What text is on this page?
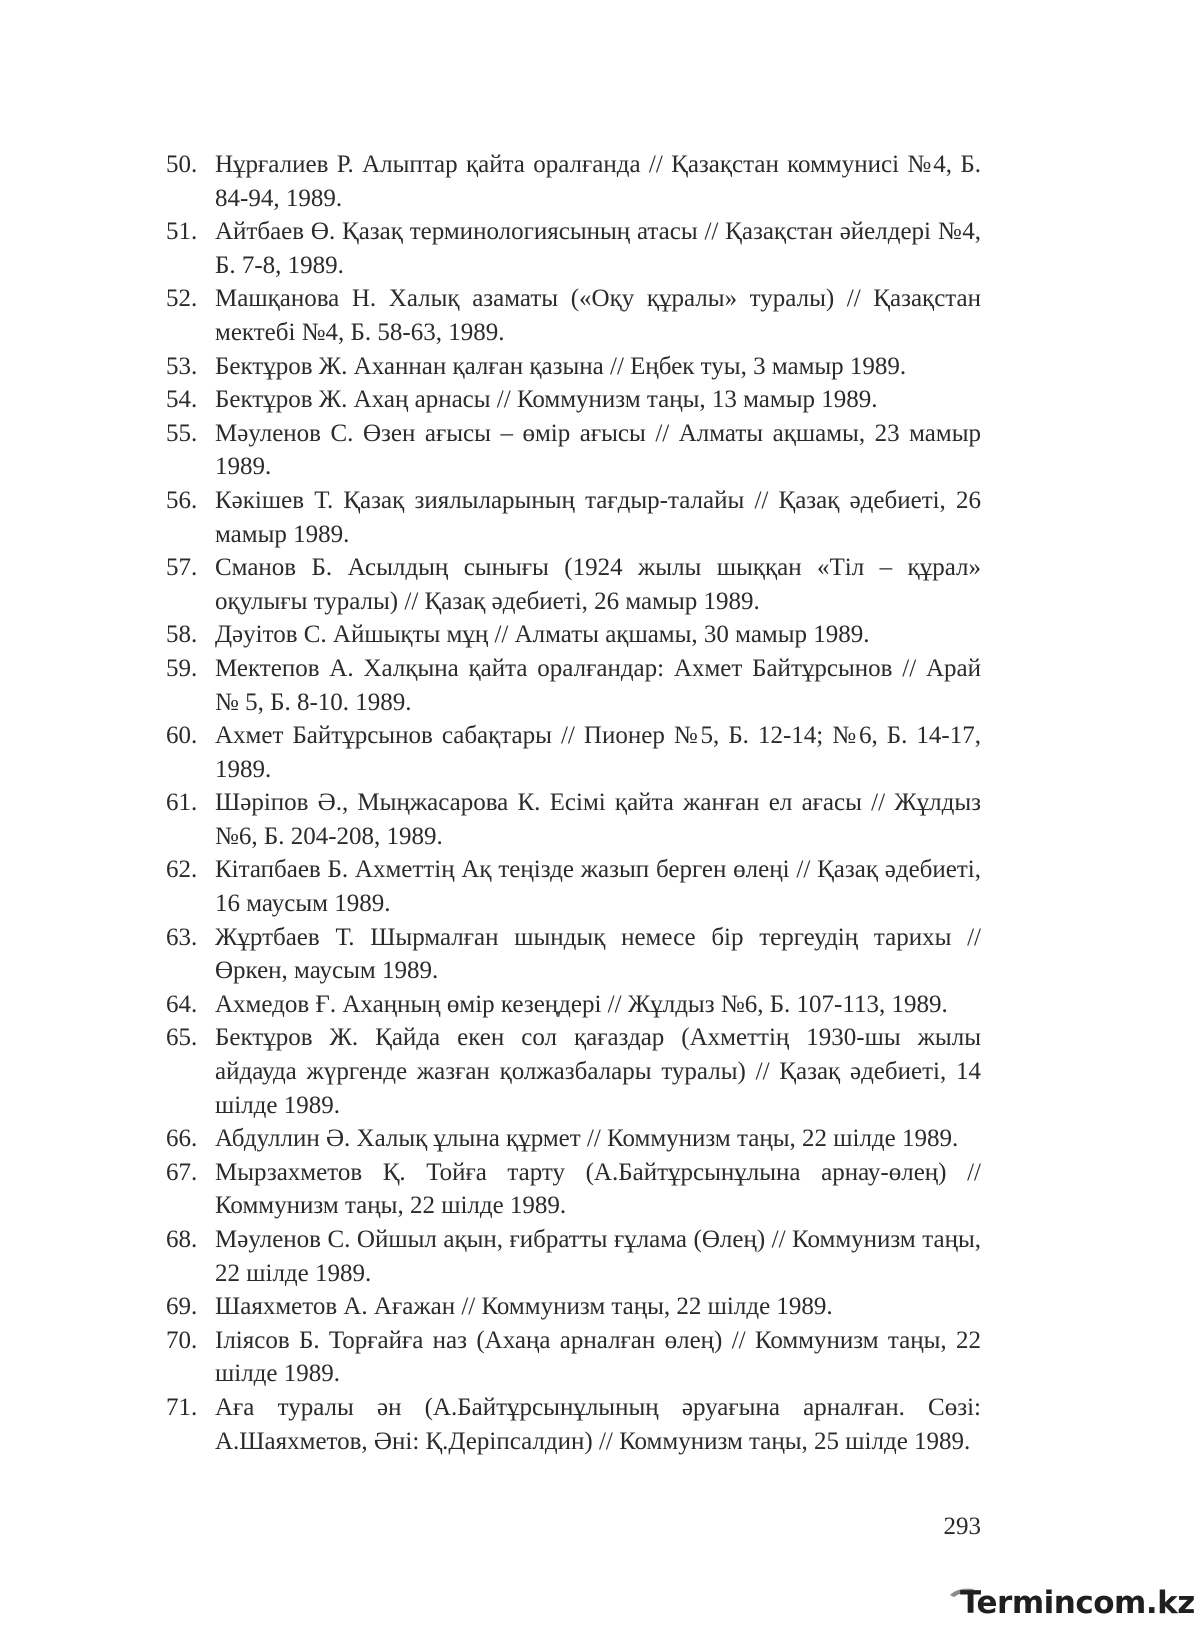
50. Нұрғалиев Р. Алыптар қайта оралғанда // Қазақстан коммунисі №4, Б. 84-94, 1989.
51. Айтбаев Ө. Қазақ терминологиясының атасы // Қазақстан әйелдері №4, Б. 7-8, 1989.
52. Машқанова Н. Халық азаматы («Оқу құралы» туралы) // Қазақстан мектебі №4, Б. 58-63, 1989.
53. Бектұров Ж. Аханнан қалған қазына // Еңбек туы, 3 мамыр 1989.
54. Бектұров Ж. Ахаң арнасы // Коммунизм таңы, 13 мамыр 1989.
55. Мәуленов С. Өзен ағысы – өмір ағысы // Алматы ақшамы, 23 мамыр 1989.
56. Кәкішев Т. Қазақ зиялыларының тағдыр-талайы // Қазақ әдебиеті, 26 мамыр 1989.
57. Сманов Б. Асылдың сынығы (1924 жылы шыққан «Тіл – құрал» оқулығы туралы) // Қазақ әдебиеті, 26 мамыр 1989.
58. Дәуітов С. Айшықты мұң // Алматы ақшамы, 30 мамыр 1989.
59. Мектепов А. Халқына қайта оралғандар: Ахмет Байтұрсынов // Арай № 5, Б. 8-10. 1989.
60. Ахмет Байтұрсынов сабақтары // Пионер №5, Б. 12-14; №6, Б. 14-17, 1989.
61. Шәріпов Ә., Мыңжасарова К. Есімі қайта жанған ел ағасы // Жұлдыз №6, Б. 204-208, 1989.
62. Кітапбаев Б. Ахметтің Ақ теңізде жазып берген өлеңі // Қазақ әдебиеті, 16 маусым 1989.
63. Жұртбаев Т. Шырмалған шындық немесе бір тергеудің тарихы // Өркен, маусым 1989.
64. Ахмедов Ғ. Ахаңның өмір кезеңдері // Жұлдыз №6, Б. 107-113, 1989.
65. Бектұров Ж. Қайда екен сол қағаздар (Ахметтің 1930-шы жылы айдауда жүргенде жазған қолжазбалары туралы) // Қазақ әдебиеті, 14 шілде 1989.
66. Абдуллин Ә. Халық ұлына құрмет // Коммунизм таңы, 22 шілде 1989.
67. Мырзахметов Қ. Тойға тарту (А.Байтұрсынұлына арнау-өлең) // Коммунизм таңы, 22 шілде 1989.
68. Мәуленов С. Ойшыл ақын, ғибратты ғұлама (Өлең) // Коммунизм таңы, 22 шілде 1989.
69. Шаяхметов А. Ағажан // Коммунизм таңы, 22 шілде 1989.
70. Іліясов Б. Торғайға наз (Ахаңа арналған өлең) // Коммунизм таңы, 22 шілде 1989.
71. Аға туралы ән (А.Байтұрсынұлының әруағына арналған. Сөзі: А.Шаяхметов, Әні: Қ.Деріпсалдин) // Коммунизм таңы, 25 шілде 1989.
293
Termincom.kz
